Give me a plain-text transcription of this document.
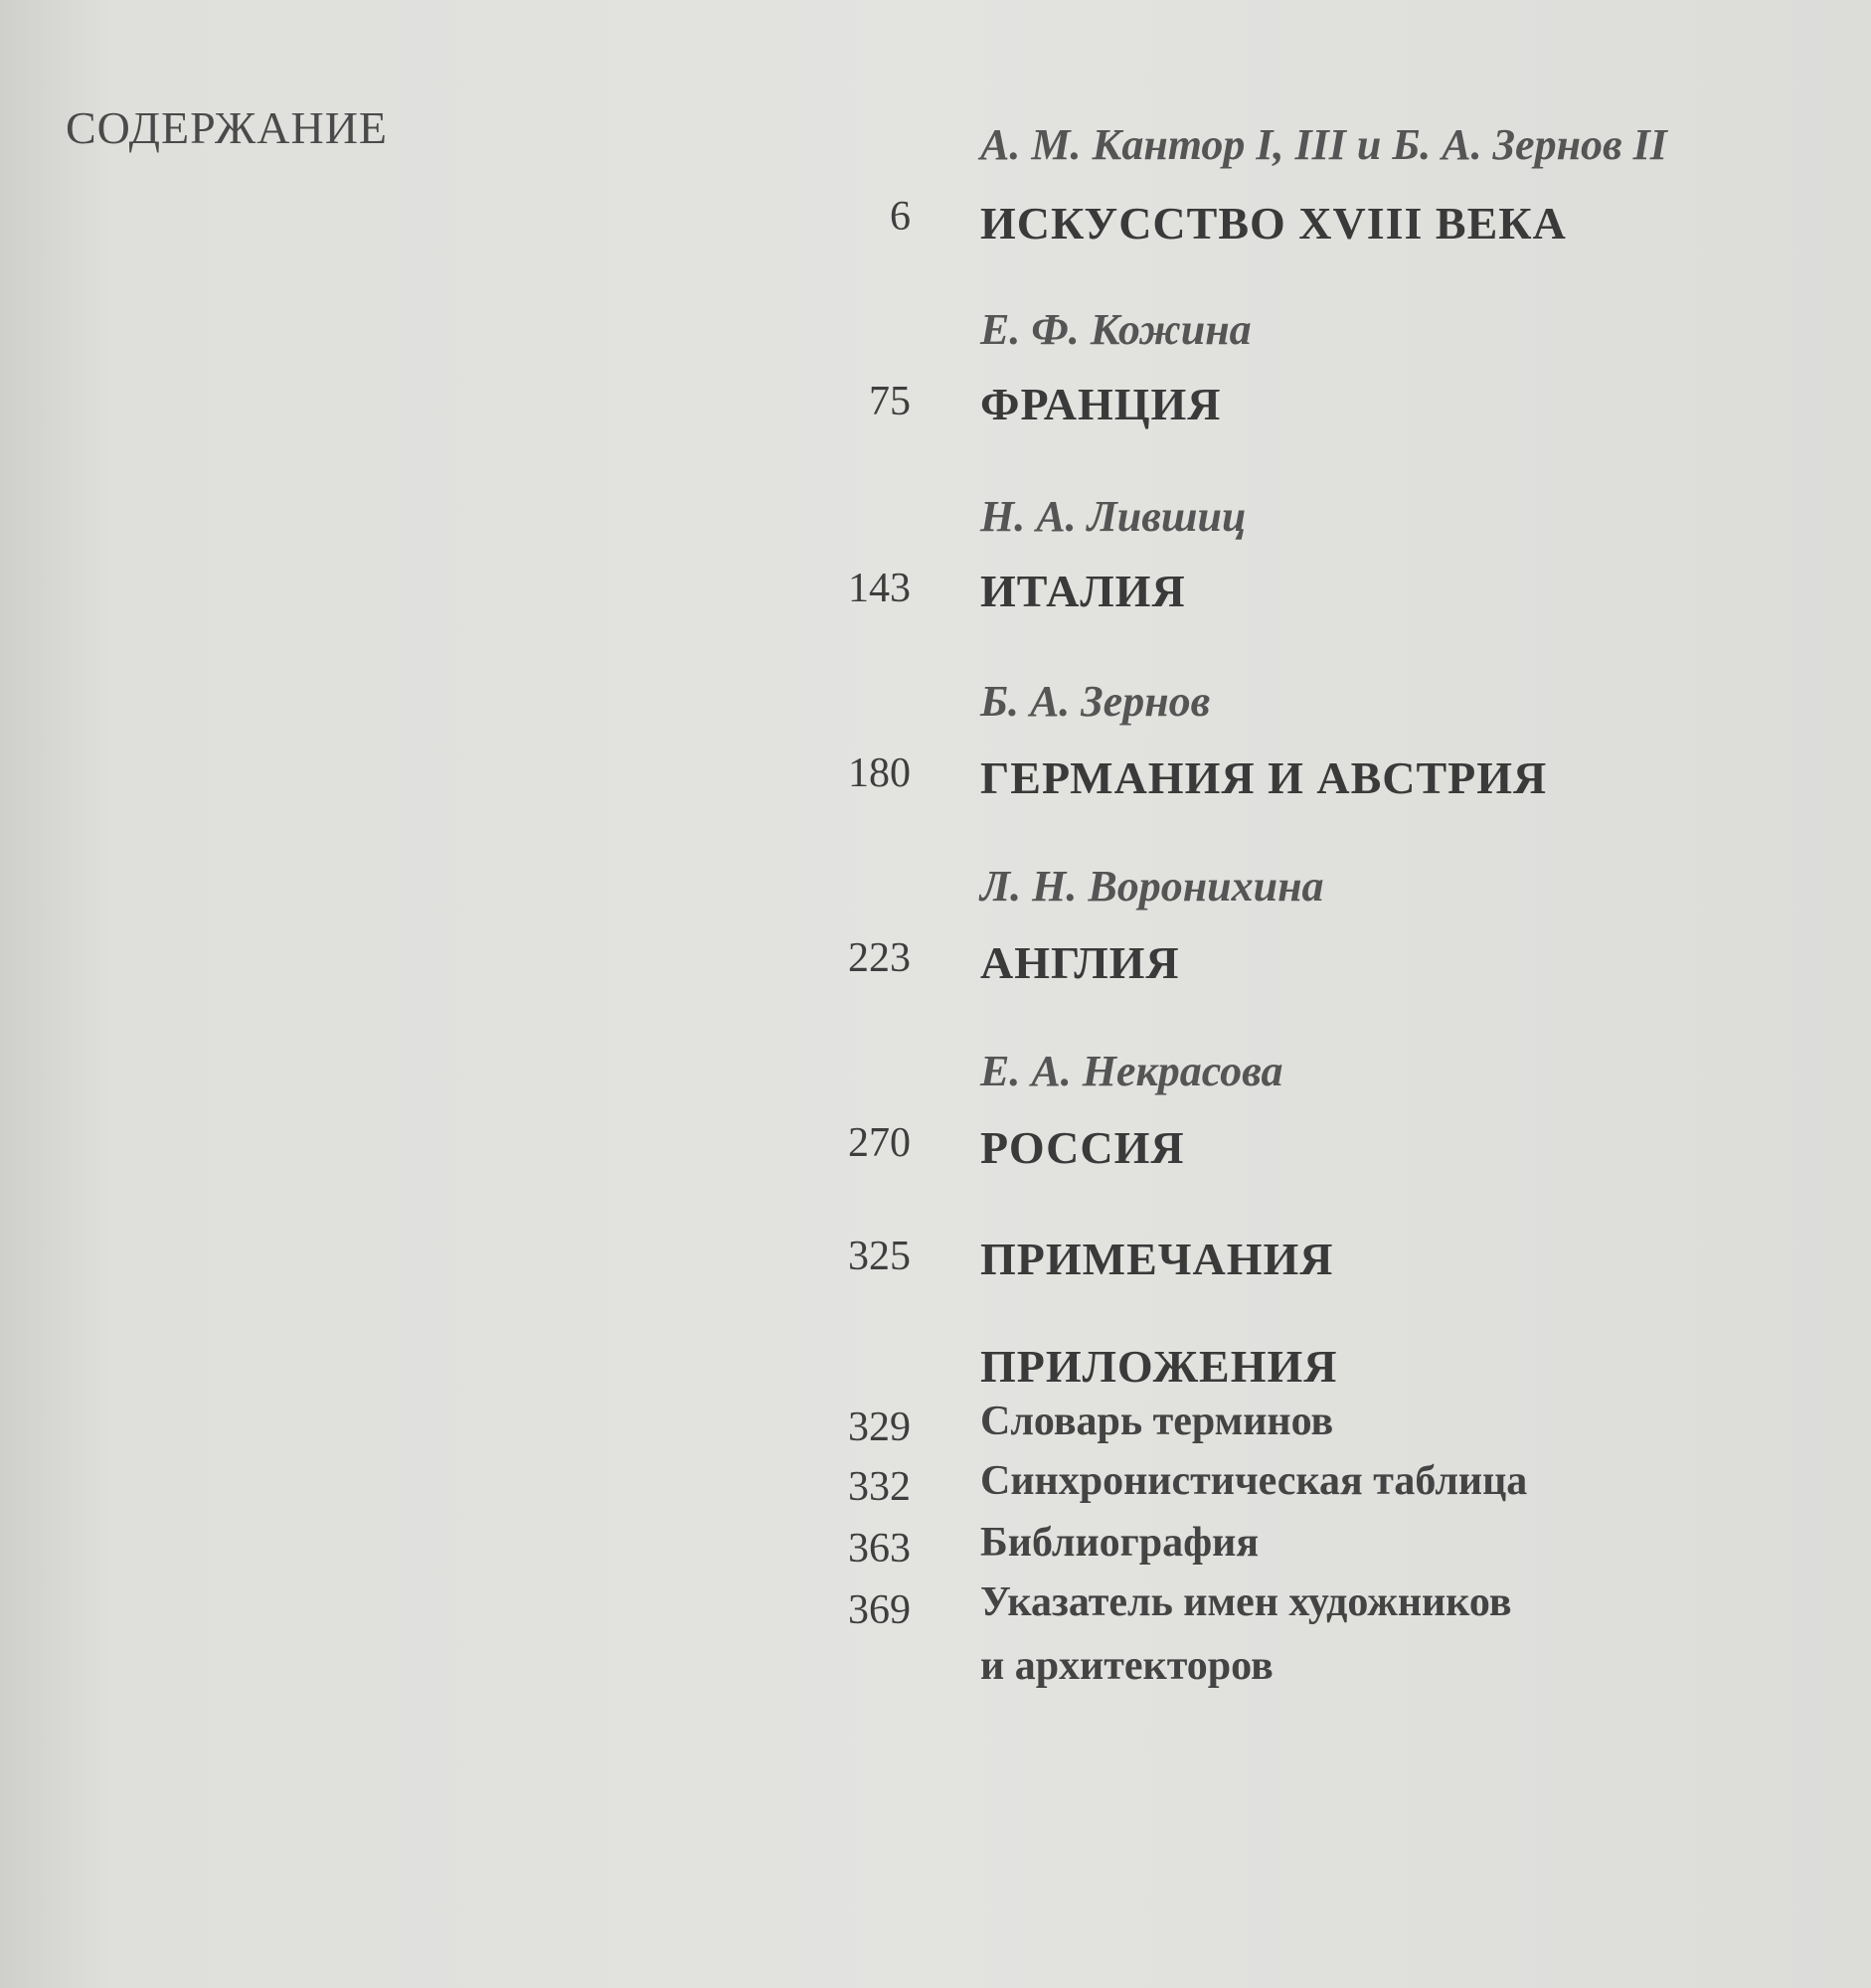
СОДЕРЖАНИЕ	А. М. Кантор I, III и Б. А. Зернов II
6 ИСКУССТВО XVIII ВЕКА
Е. Ф. Кожина
75 ФРАНЦИЯ
Н. А. Лившиц
143 ИТАЛИЯ
Б. А. Зернов
180 ГЕРМАНИЯ И АВСТРИЯ
Л. Н. Воронихина
223 АНГЛИЯ
Е. А. Некрасова
270 РОССИЯ
325 ПРИМЕЧАНИЯ
ПРИЛОЖЕНИЯ
329 Словарь терминов
332 Синхронистическая таблица
363 Библиография
369 Указатель имен художников
и архитекторов
